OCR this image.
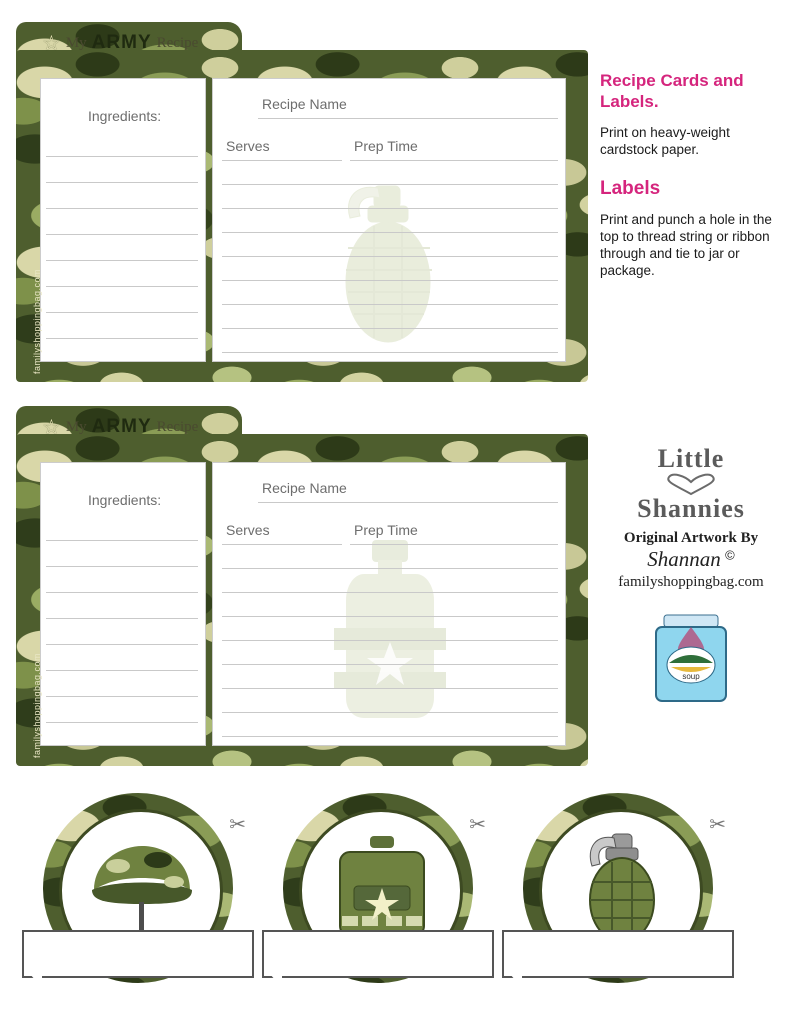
☆ My ARMY Recipe
Ingredients:
Recipe Name
Serves	Prep Time
familyshoppingbag.com
☆ My ARMY Recipe
Ingredients:
Recipe Name
Serves	Prep Time
familyshoppingbag.com
Recipe Cards and Labels.
Print on heavy-weight cardstock paper.
Labels
Print and punch a hole in the top to thread string or ribbon through and tie to jar or package.
Little
Shannies
Original Artwork By
Shannan ©
familyshoppingbag.com
soup
✂	✂	✂
